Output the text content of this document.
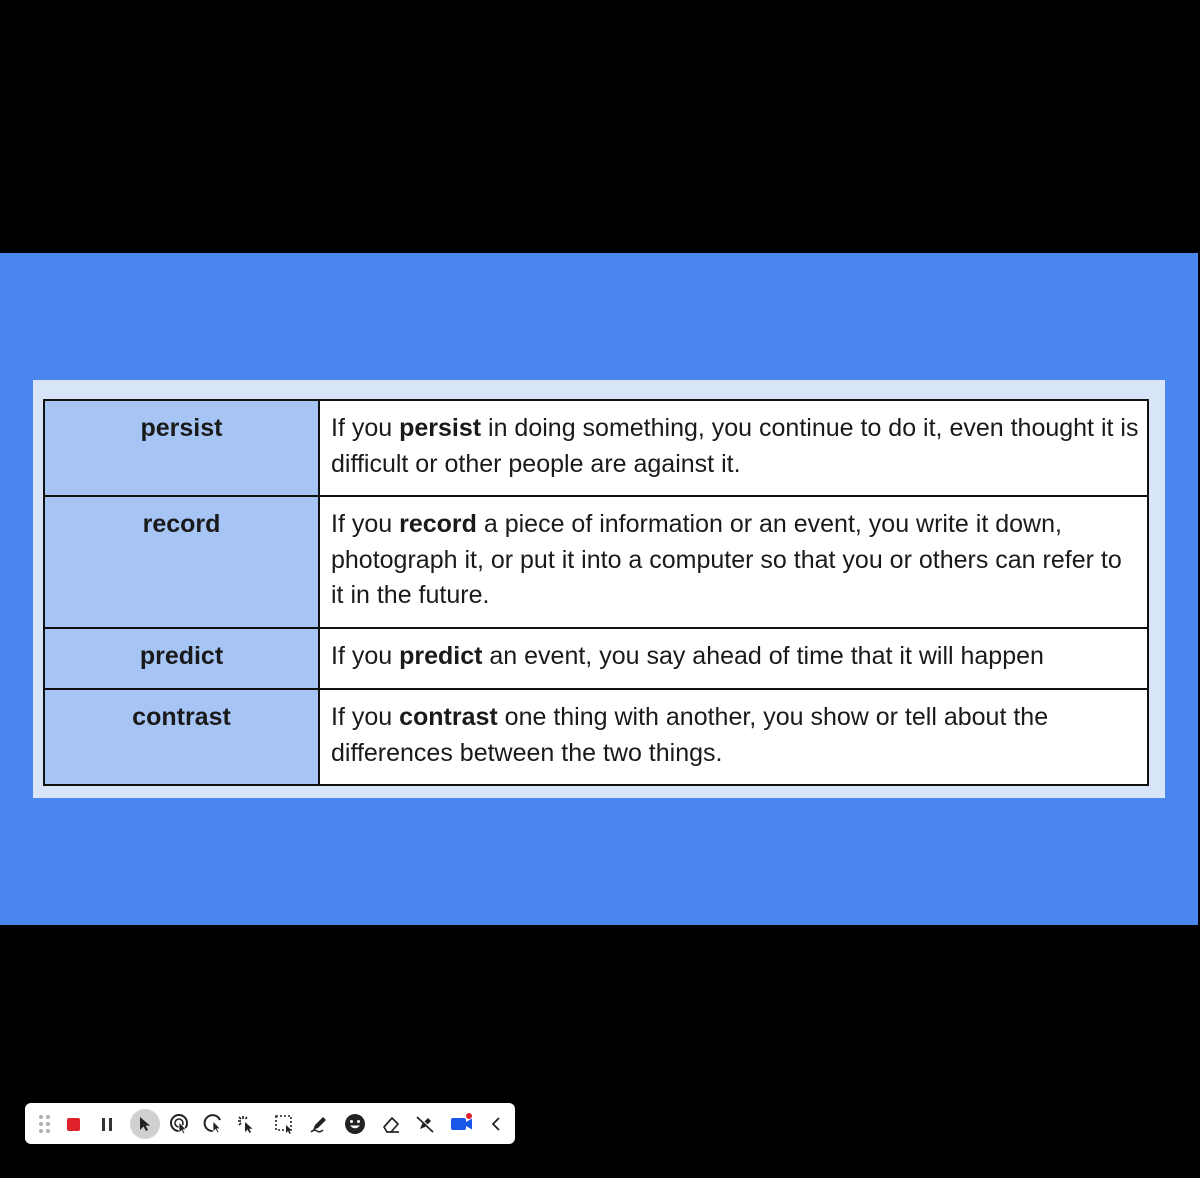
persist	If you persist in doing something, you continue to do it, even thought it is difficult or other people are against it.
record	If you record a piece of information or an event, you write it down, photograph it, or put it into a computer so that you or others can refer to it in the future.
predict	If you predict an event, you say ahead of time that it will happen
contrast	If you contrast one thing with another, you show or tell about the differences between the two things.
